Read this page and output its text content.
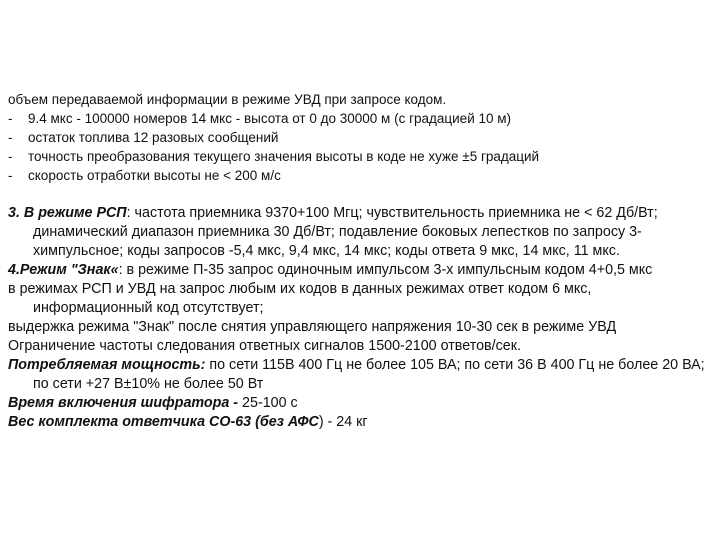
объем передаваемой информации в режиме УВД при запросе кодом.

-	9.4 мкс - 100000 номеров 14 мкс - высота от 0 до 30000 м (с градацией 10 м)
-	остаток топлива 12 разовых сообщений
-	точность преобразования текущего значения высоты в коде не хуже ±5 градаций
-	скорость отработки высоты не < 200 м/с

3. В режиме РСП: частота приемника 9370+100 Мгц; чувствительность приемника не < 62 Дб/Вт; динамический диапазон приемника 30 Дб/Вт; подавление боковых лепестков по запросу 3-химпульсное; коды запросов -5,4 мкс, 9,4 мкс, 14 мкс; коды ответа 9 мкс, 14 мкс, 11 мкс.

4.Режим "Знак«: в режиме П-35 запрос одиночным импульсом 3-х импульсным кодом 4+0,5 мкс

в режимах РСП и УВД на запрос любым их кодов в данных режимах ответ кодом 6 мкс, информационный код отсутствует;

выдержка режима "Знак" после снятия управляющего напряжения 10-30 сек в режиме УВД

Ограничение частоты следования ответных сигналов 1500-2100 ответов/сек.

Потребляемая мощность: по сети 115В 400 Гц не более 105 ВА; по сети 36 В 400 Гц не более 20 ВА; по сети +27 В±10% не более 50 Вт

Время включения шифратора - 25-100 с

Вес комплекта ответчика СО-63 (без АФС) - 24 кг
